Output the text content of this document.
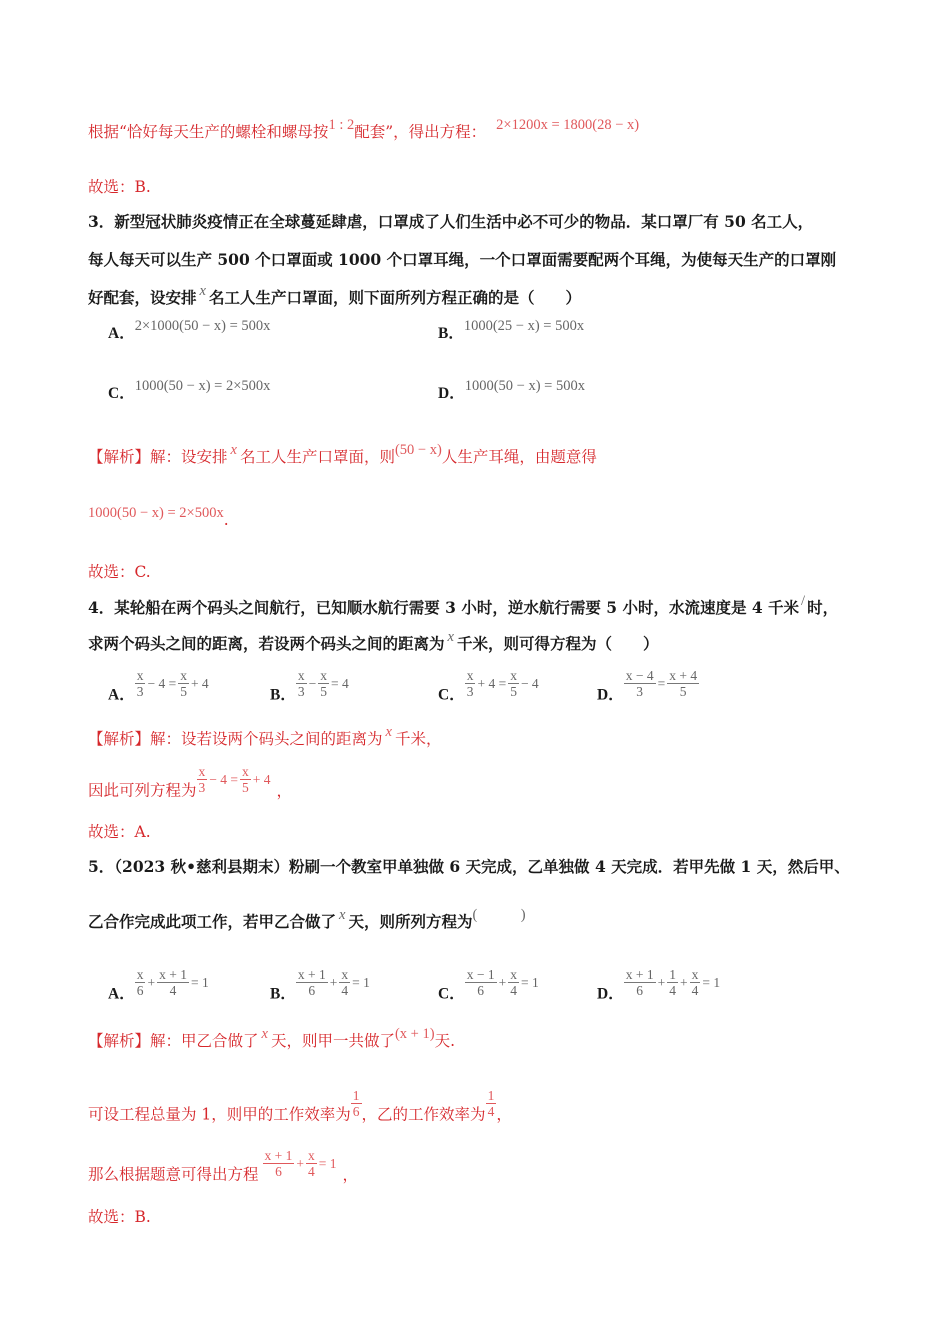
根据“恰好每天生产的螺栓和螺母按1 : 2配套”，得出方程： 2×1200x = 1800(28 − x)
故选：B.
3．新型冠状肺炎疫情正在全球蔓延肆虐，口罩成了人们生活中必不可少的物品．某口罩厂有 50 名工人，
每人每天可以生产 500 个口罩面或 1000 个口罩耳绳，一个口罩面需要配两个耳绳，为使每天生产的口罩刚
好配套，设安排 x 名工人生产口罩面，则下面所列方程正确的是（　　）
A．2×1000(50 − x) = 500x	B．1000(25 − x) = 500x
C．1000(50 − x) = 2×500x	D．1000(50 − x) = 500x
【解析】解：设安排 x 名工人生产口罩面，则(50 − x)人生产耳绳，由题意得
1000(50 − x) = 2×500x.
故选：C.
4．某轮船在两个码头之间航行，已知顺水航行需要 3 小时，逆水航行需要 5 小时，水流速度是 4 千米 / 时，
求两个码头之间的距离，若设两个码头之间的距离为 x 千米，则可得方程为（　　）
A． $\frac{x}{3} - 4 = \frac{x}{5} + 4$
B． $\frac{x}{3} - \frac{x}{5} = 4$
C． $\frac{x}{3} + 4 = \frac{x}{5} - 4$
D． $\frac{x - 4}{3} = \frac{x + 4}{5}$
【解析】解：设若设两个码头之间的距离为 x 千米，
因此可列方程为 $\frac{x}{3} - 4 = \frac{x}{5} + 4$，
故选：A.
5．（2023 秋•慈利县期末）粉刷一个教室甲单独做 6 天完成，乙单独做 4 天完成．若甲先做 1 天，然后甲、
乙合作完成此项工作，若甲乙合做了 x 天，则所列方程为(　　　)
A． $\frac{x}{6} + \frac{x + 1}{4} = 1$
B． $\frac{x + 1}{6} + \frac{x}{4} = 1$
C． $\frac{x - 1}{6} + \frac{x}{4} = 1$
D． $\frac{x + 1}{6} + \frac{1}{4} + \frac{x}{4} = 1$
【解析】解：甲乙合做了 x 天，则甲一共做了(x + 1)天.
可设工程总量为 1，则甲的工作效率为 $\frac{1}{6}$ ，乙的工作效率为 $\frac{1}{4}$ ，
那么根据题意可得出方程 $\frac{x + 1}{6} + \frac{x}{4} = 1$，
故选：B.
